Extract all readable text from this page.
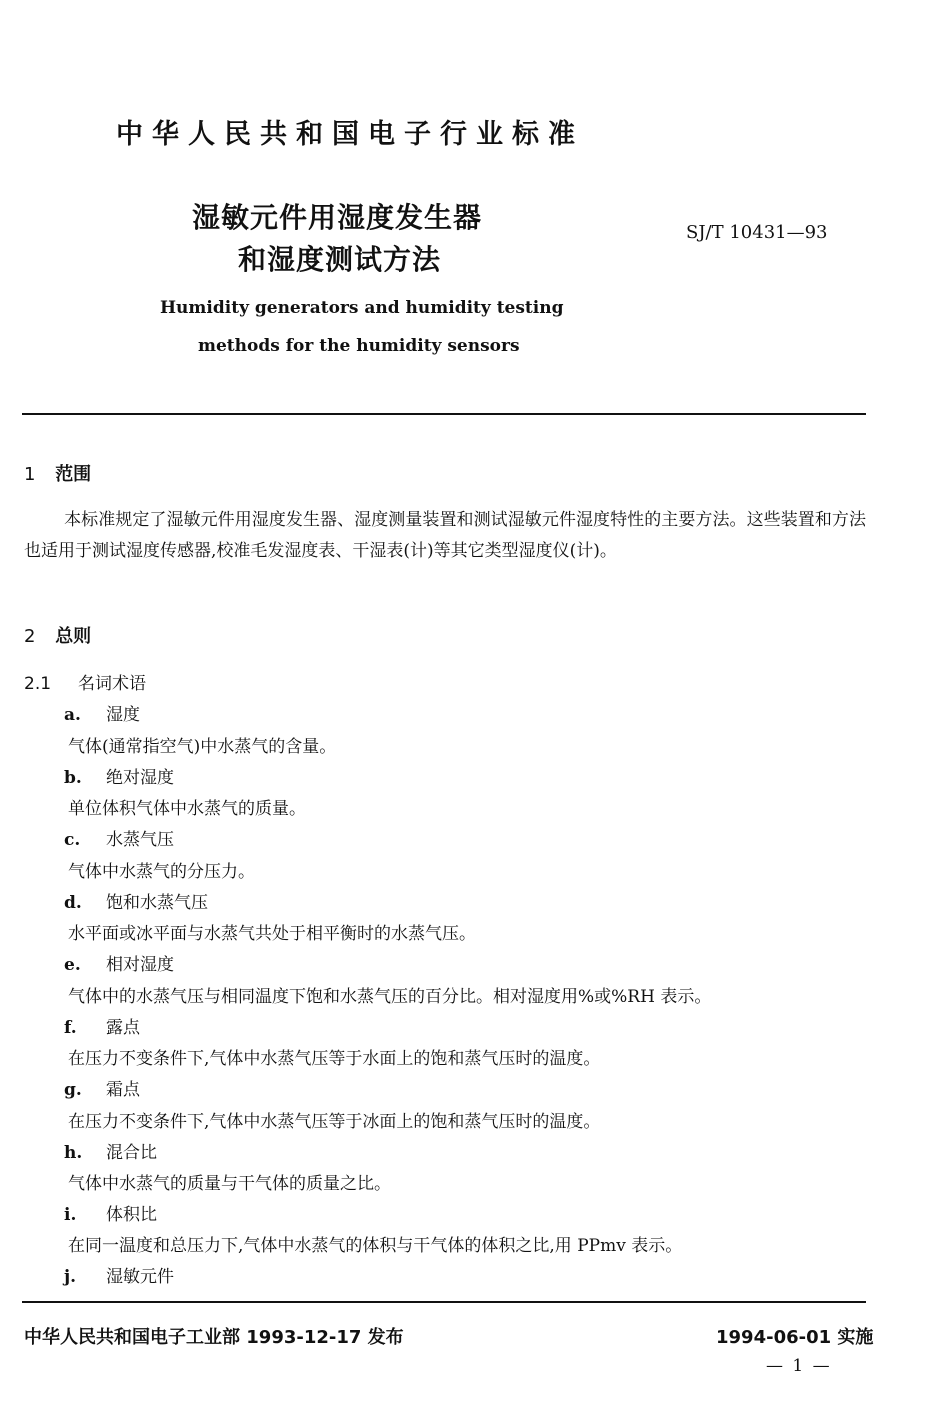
中华人民共和国电子行业标准
湿敏元件用湿度发生器
和湿度测试方法
SJ/T 10431—93
Humidity generators and humidity testing
methods for the humidity sensors
1 范围
本标准规定了湿敏元件用湿度发生器、湿度测量装置和测试湿敏元件湿度特性的主要方法。这些装置和方法也适用于测试湿度传感器,校准毛发湿度表、干湿表(计)等其它类型湿度仪(计)。
2 总则
2.1 名词术语
a. 湿度
气体(通常指空气)中水蒸气的含量。
b. 绝对湿度
单位体积气体中水蒸气的质量。
c. 水蒸气压
气体中水蒸气的分压力。
d. 饱和水蒸气压
水平面或冰平面与水蒸气共处于相平衡时的水蒸气压。
e. 相对湿度
气体中的水蒸气压与相同温度下饱和水蒸气压的百分比。相对湿度用%或%RH 表示。
f. 露点
在压力不变条件下,气体中水蒸气压等于水面上的饱和蒸气压时的温度。
g. 霜点
在压力不变条件下,气体中水蒸气压等于冰面上的饱和蒸气压时的温度。
h. 混合比
气体中水蒸气的质量与干气体的质量之比。
i. 体积比
在同一温度和总压力下,气体中水蒸气的体积与干气体的体积之比,用 PPmv 表示。
j. 湿敏元件
中华人民共和国电子工业部 1993-12-17 发布	1994-06-01 实施
— 1 —
